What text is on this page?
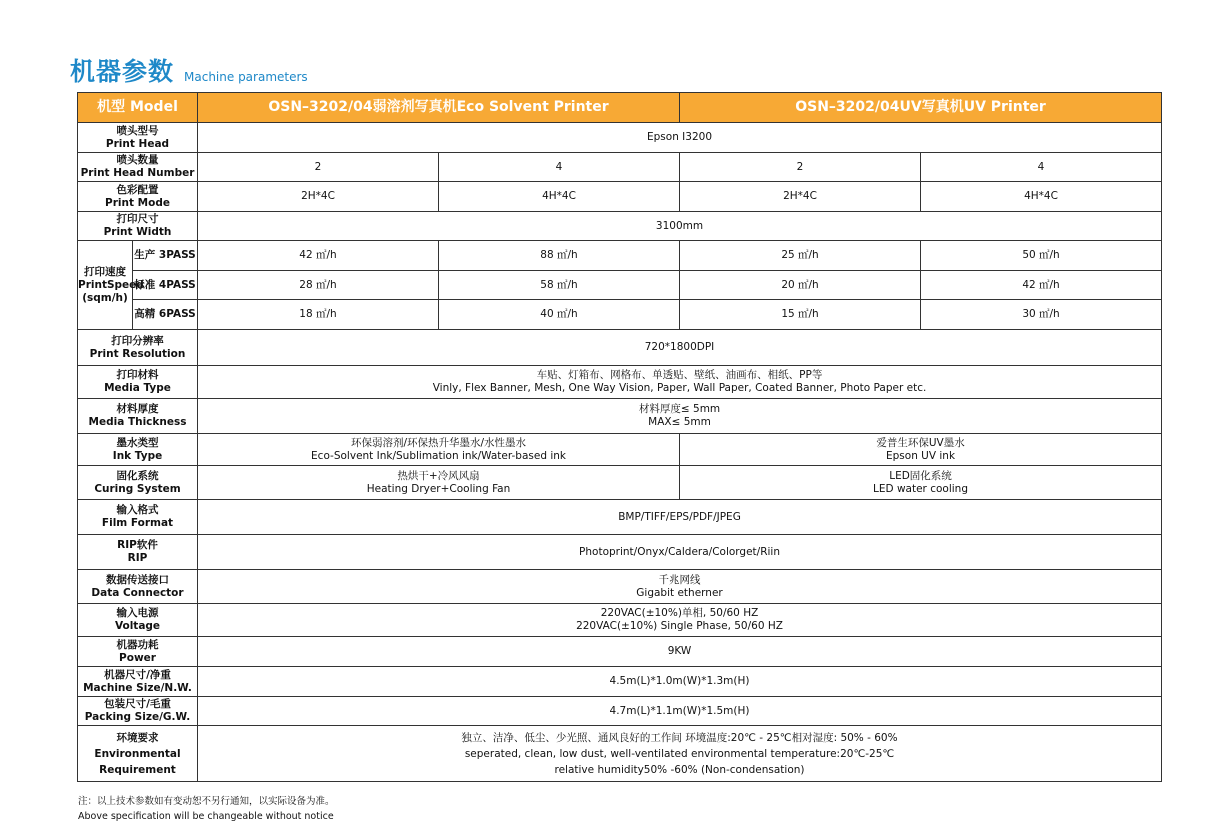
机器参数 Machine parameters
机型 Model		OSN–3202/04弱溶剂写真机Eco Solvent Printer		OSN–3202/04UV写真机UV Printer	

喷头型号
Print Head		Epson I3200			

喷头数量
Print Head Number		2	4	2	4

色彩配置
Print Mode		2H*4C	4H*4C	2H*4C	4H*4C

打印尺寸
Print Width		3100mm			

打印速度
PrintSpeed
(sqm/h)	生产 3PASS	42 ㎡/h	88 ㎡/h	25 ㎡/h	50 ㎡/h
	标准 4PASS	28 ㎡/h	58 ㎡/h	20 ㎡/h	42 ㎡/h
	高精 6PASS	18 ㎡/h	40 ㎡/h	15 ㎡/h	30 ㎡/h

打印分辨率
Print Resolution		720*1800DPI			

打印材料
Media Type		车贴、灯箱布、网格布、单透贴、壁纸、油画布、相纸、PP等
Vinly, Flex Banner, Mesh, One Way Vision, Paper, Wall Paper, Coated Banner, Photo Paper etc.			

材料厚度
Media Thickness		材料厚度≤ 5mm
MAX≤ 5mm			

墨水类型
Ink Type		环保弱溶剂/环保热升华墨水/水性墨水
Eco-Solvent Ink/Sublimation ink/Water-based ink		爱普生环保UV墨水
Epson UV ink	

固化系统
Curing System		热烘干+冷风风扇
Heating Dryer+Cooling Fan		LED固化系统
LED water cooling	

输入格式
Film Format		BMP/TIFF/EPS/PDF/JPEG			

RIP软件
RIP		Photoprint/Onyx/Caldera/Colorget/Riin			

数据传送接口
Data Connector		千兆网线
Gigabit etherner			

输入电源
Voltage		220VAC(±10%)单相, 50/60 HZ
220VAC(±10%) Single Phase, 50/60 HZ			

机器功耗
Power		9KW			

机器尺寸/净重
Machine Size/N.W.		4.5m(L)*1.0m(W)*1.3m(H)			

包装尺寸/毛重
Packing Size/G.W.		4.7m(L)*1.1m(W)*1.5m(H)			

环境要求
Environmental
Requirement		独立、洁净、低尘、少光照、通风良好的工作间 环境温度:20℃ - 25℃相对湿度: 50% - 60%
seperated, clean, low dust, well-ventilated environmental temperature:20℃-25℃
relative humidity50% -60% (Non-condensation)			
注：以上技术参数如有变动恕不另行通知，以实际设备为准。
Above specification will be changeable without notice
